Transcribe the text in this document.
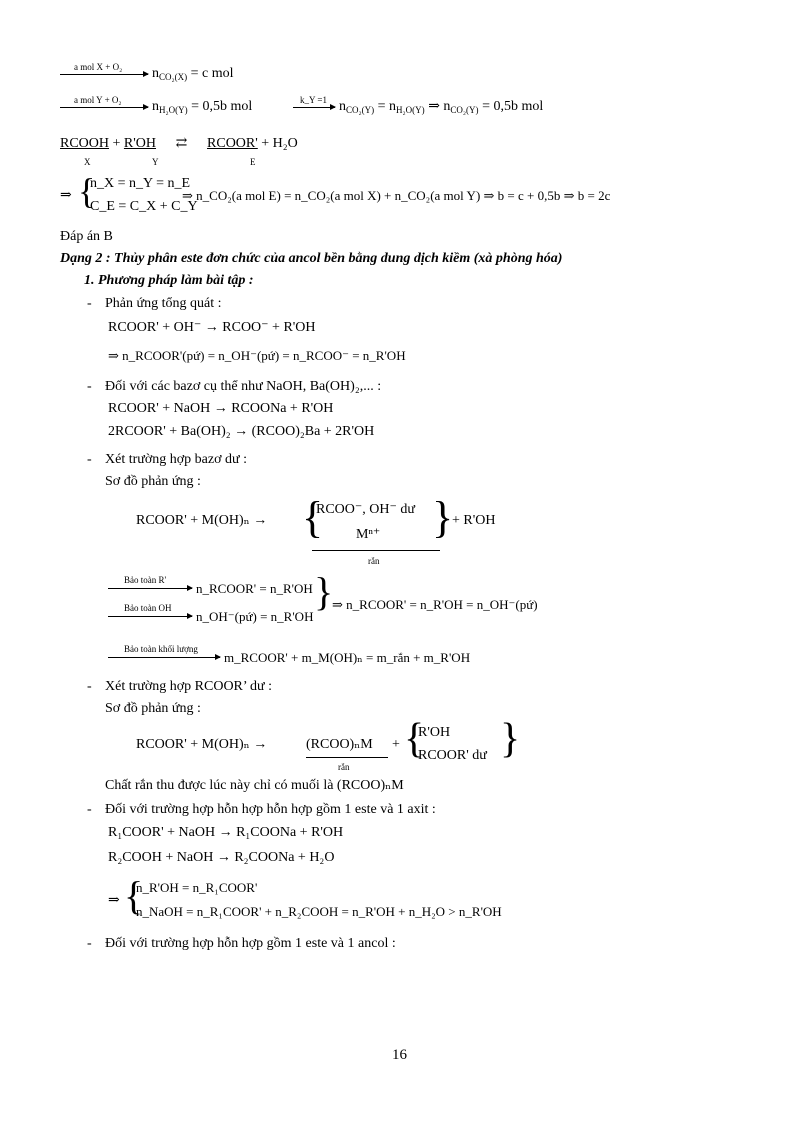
a mol X + O₂ $n_{CO_2(X)} = c$ mol
a mol Y + O₂ $n_{H_2O(Y)} = 0,5b$ mol	k_Y $=1 \to n_{CO_2(Y)} = n_{H_2O(Y)}$ ⇒ $n_{CO_2(Y)} = 0,5b$ mol
RCOOH + R'OH ⇄ RCOOR' + H₂O
X	Y	E
⇒ {
n_X = n_Y = n_E
C_E = C_X + C_Y
⇒ n_CO₂(a mol E) = n_CO₂(a mol X) + n_CO₂(a mol Y) ⇒ b = c + 0,5b ⇒ b = 2c
Đáp án B
Dạng 2 : Thủy phân este đơn chức của ancol bền bằng dung dịch kiềm (xà phòng hóa)
1. Phương pháp làm bài tập :
- Phản ứng tổng quát :
RCOOR' + OH⁻ → RCOO⁻ + R'OH
⇒ n_RCOOR'(pứ) = n_OH⁻(pứ) = n_RCOO⁻ = n_R'OH
- Đối với các bazơ cụ thể như NaOH, Ba(OH)₂,... :
RCOOR' + NaOH → RCOONa + R'OH
2RCOOR' + Ba(OH)₂ → (RCOO)₂Ba + 2R'OH
- Xét trường hợp bazơ dư :
Sơ đồ phản ứng :
RCOOR' + M(OH)ₙ → {
RCOO⁻, OH⁻ dư
Mⁿ⁺ }
rắn
+ R'OH
Bảo toàn R'
n_RCOOR' = n_R'OH
Bảo toàn OH
n_OH⁻(pứ) = n_R'OH
}
⇒ n_RCOOR' = n_R'OH = n_OH⁻(pứ)
Bảo toàn khối lượng
m_RCOOR' + m_M(OH)ₙ = m_rắn + m_R'OH
- Xét trường hợp RCOOR’ dư :
Sơ đồ phản ứng :
RCOOR' + M(OH)ₙ →	(RCOO)ₙM
rắn
+ {
R'OH
RCOOR' dư }
Chất rắn thu được lúc này chỉ có muối là (RCOO)ₙM
- Đối với trường hợp hỗn hợp hỗn hợp gồm 1 este và 1 axit :
R₁COOR' + NaOH → R₁COONa + R'OH
R₂COOH + NaOH → R₂COONa + H₂O
⇒ {
n_R'OH = n_R₁COOR'
n_NaOH = n_R₁COOR' + n_R₂COOH = n_R'OH + n_H₂O > n_R'OH
- Đối với trường hợp hỗn hợp gồm 1 este và 1 ancol :
16
